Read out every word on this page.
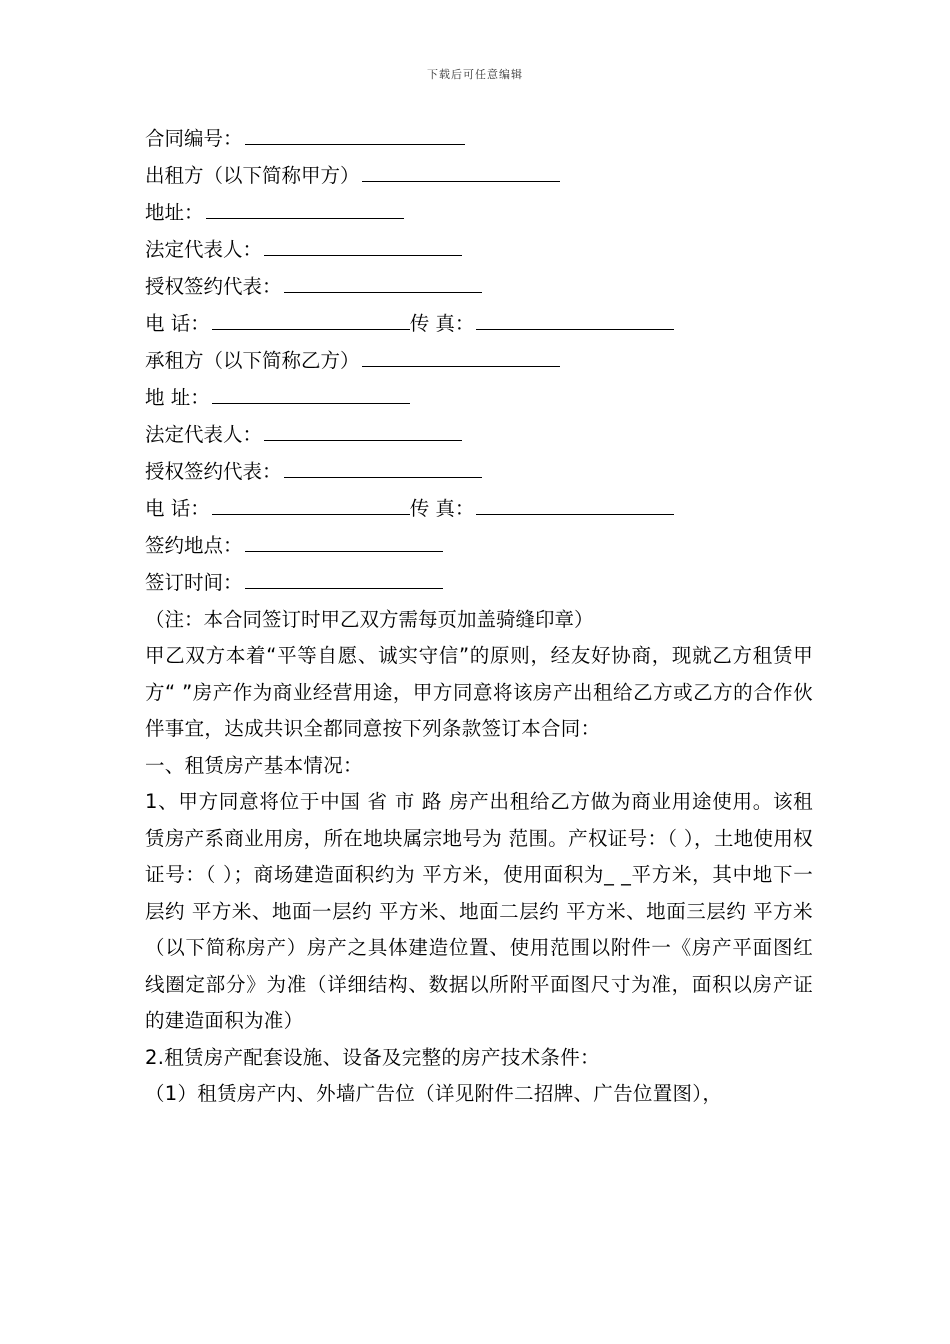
下载后可任意编辑
合同编号：
出租方（以下简称甲方）
地址：
法定代表人：
授权签约代表：
电 话：	传 真：
承租方（以下简称乙方）
地 址：
法定代表人：
授权签约代表：
电 话：	传 真：
签约地点：
签订时间：
（注：本合同签订时甲乙双方需每页加盖骑缝印章）
甲乙双方本着“平等自愿、诚实守信”的原则，经友好协商，现就乙方租赁甲方“ ”房产作为商业经营用途，甲方同意将该房产出租给乙方或乙方的合作伙伴事宜，达成共识全都同意按下列条款签订本合同：
一、租赁房产基本情况：
1、甲方同意将位于中国 省 市 路 房产出租给乙方做为商业用途使用。该租赁房产系商业用房，所在地块属宗地号为 范围。产权证号：（ ），土地使用权证号：（ ）；商场建造面积约为 平方米，使用面积为_ _平方米，其中地下一层约 平方米、地面一层约 平方米、地面二层约 平方米、地面三层约 平方米（以下简称房产）房产之具体建造位置、使用范围以附件一《房产平面图红线圈定部分》为准（详细结构、数据以所附平面图尺寸为准，面积以房产证的建造面积为准）
2.租赁房产配套设施、设备及完整的房产技术条件：
（1）租赁房产内、外墙广告位（详见附件二招牌、广告位置图），
